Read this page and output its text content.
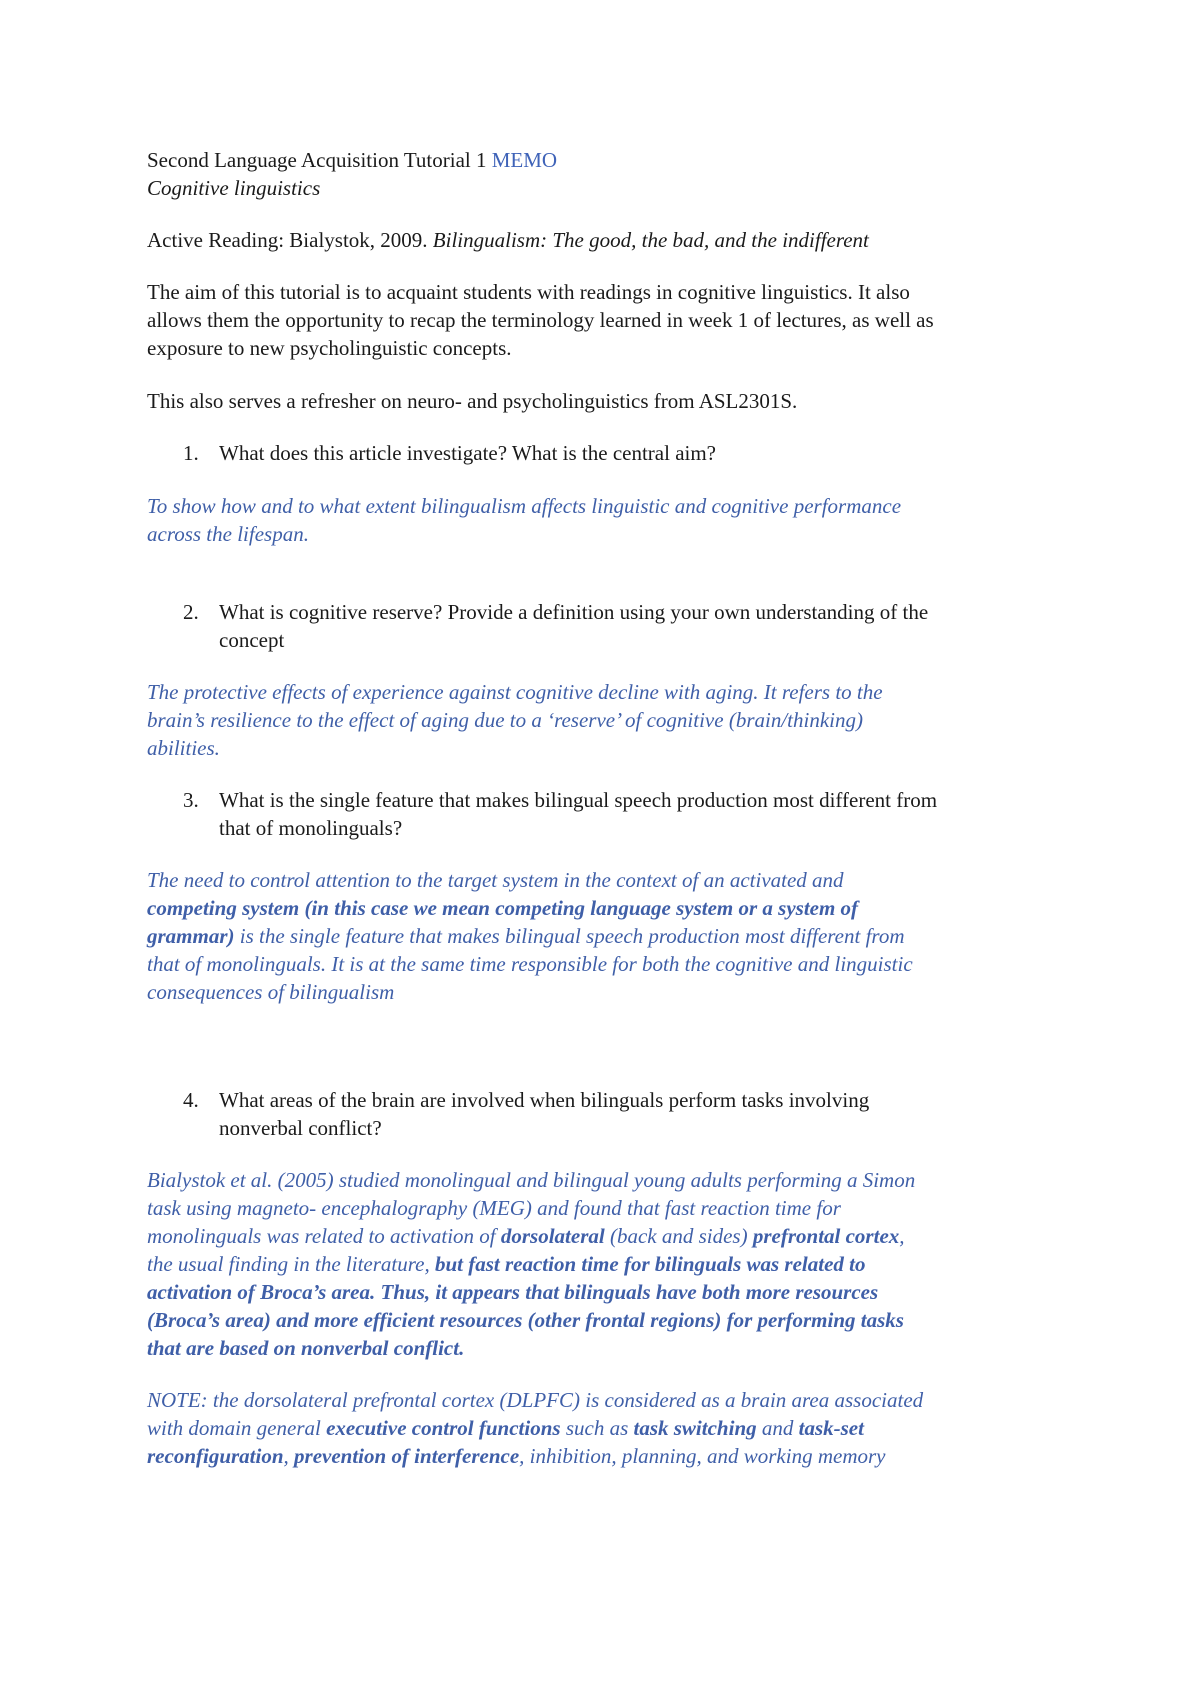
Second Language Acquisition Tutorial 1 MEMO

Cognitive linguistics

Active Reading: Bialystok, 2009. Bilingualism: The good, the bad, and the indifferent

The aim of this tutorial is to acquaint students with readings in cognitive linguistics. It also

allows them the opportunity to recap the terminology learned in week 1 of lectures, as well as

exposure to new psycholinguistic concepts.

This also serves a refresher on neuro- and psycholinguistics from ASL2301S.

1. What does this article investigate? What is the central aim?

To show how and to what extent bilingualism affects linguistic and cognitive performance

across the lifespan.

2. What is cognitive reserve? Provide a definition using your own understanding of the

concept

The protective effects of experience against cognitive decline with aging. It refers to the

brain’s resilience to the effect of aging due to a ‘reserve’ of cognitive (brain/thinking)

abilities.

3. What is the single feature that makes bilingual speech production most different from

that of monolinguals?

The need to control attention to the target system in the context of an activated and

competing system (in this case we mean competing language system or a system of

grammar) is the single feature that makes bilingual speech production most different from

that of monolinguals. It is at the same time responsible for both the cognitive and linguistic

consequences of bilingualism

4. What areas of the brain are involved when bilinguals perform tasks involving

nonverbal conflict?

Bialystok et al. (2005) studied monolingual and bilingual young adults performing a Simon

task using magneto- encephalography (MEG) and found that fast reaction time for

monolinguals was related to activation of dorsolateral (back and sides) prefrontal cortex,

the usual finding in the literature, but fast reaction time for bilinguals was related to

activation of Broca’s area. Thus, it appears that bilinguals have both more resources

(Broca’s area) and more efficient resources (other frontal regions) for performing tasks

that are based on nonverbal conflict.

NOTE: the dorsolateral prefrontal cortex (DLPFC) is considered as a brain area associated

with domain general executive control functions such as task switching and task-set

reconfiguration, prevention of interference, inhibition, planning, and working memory
